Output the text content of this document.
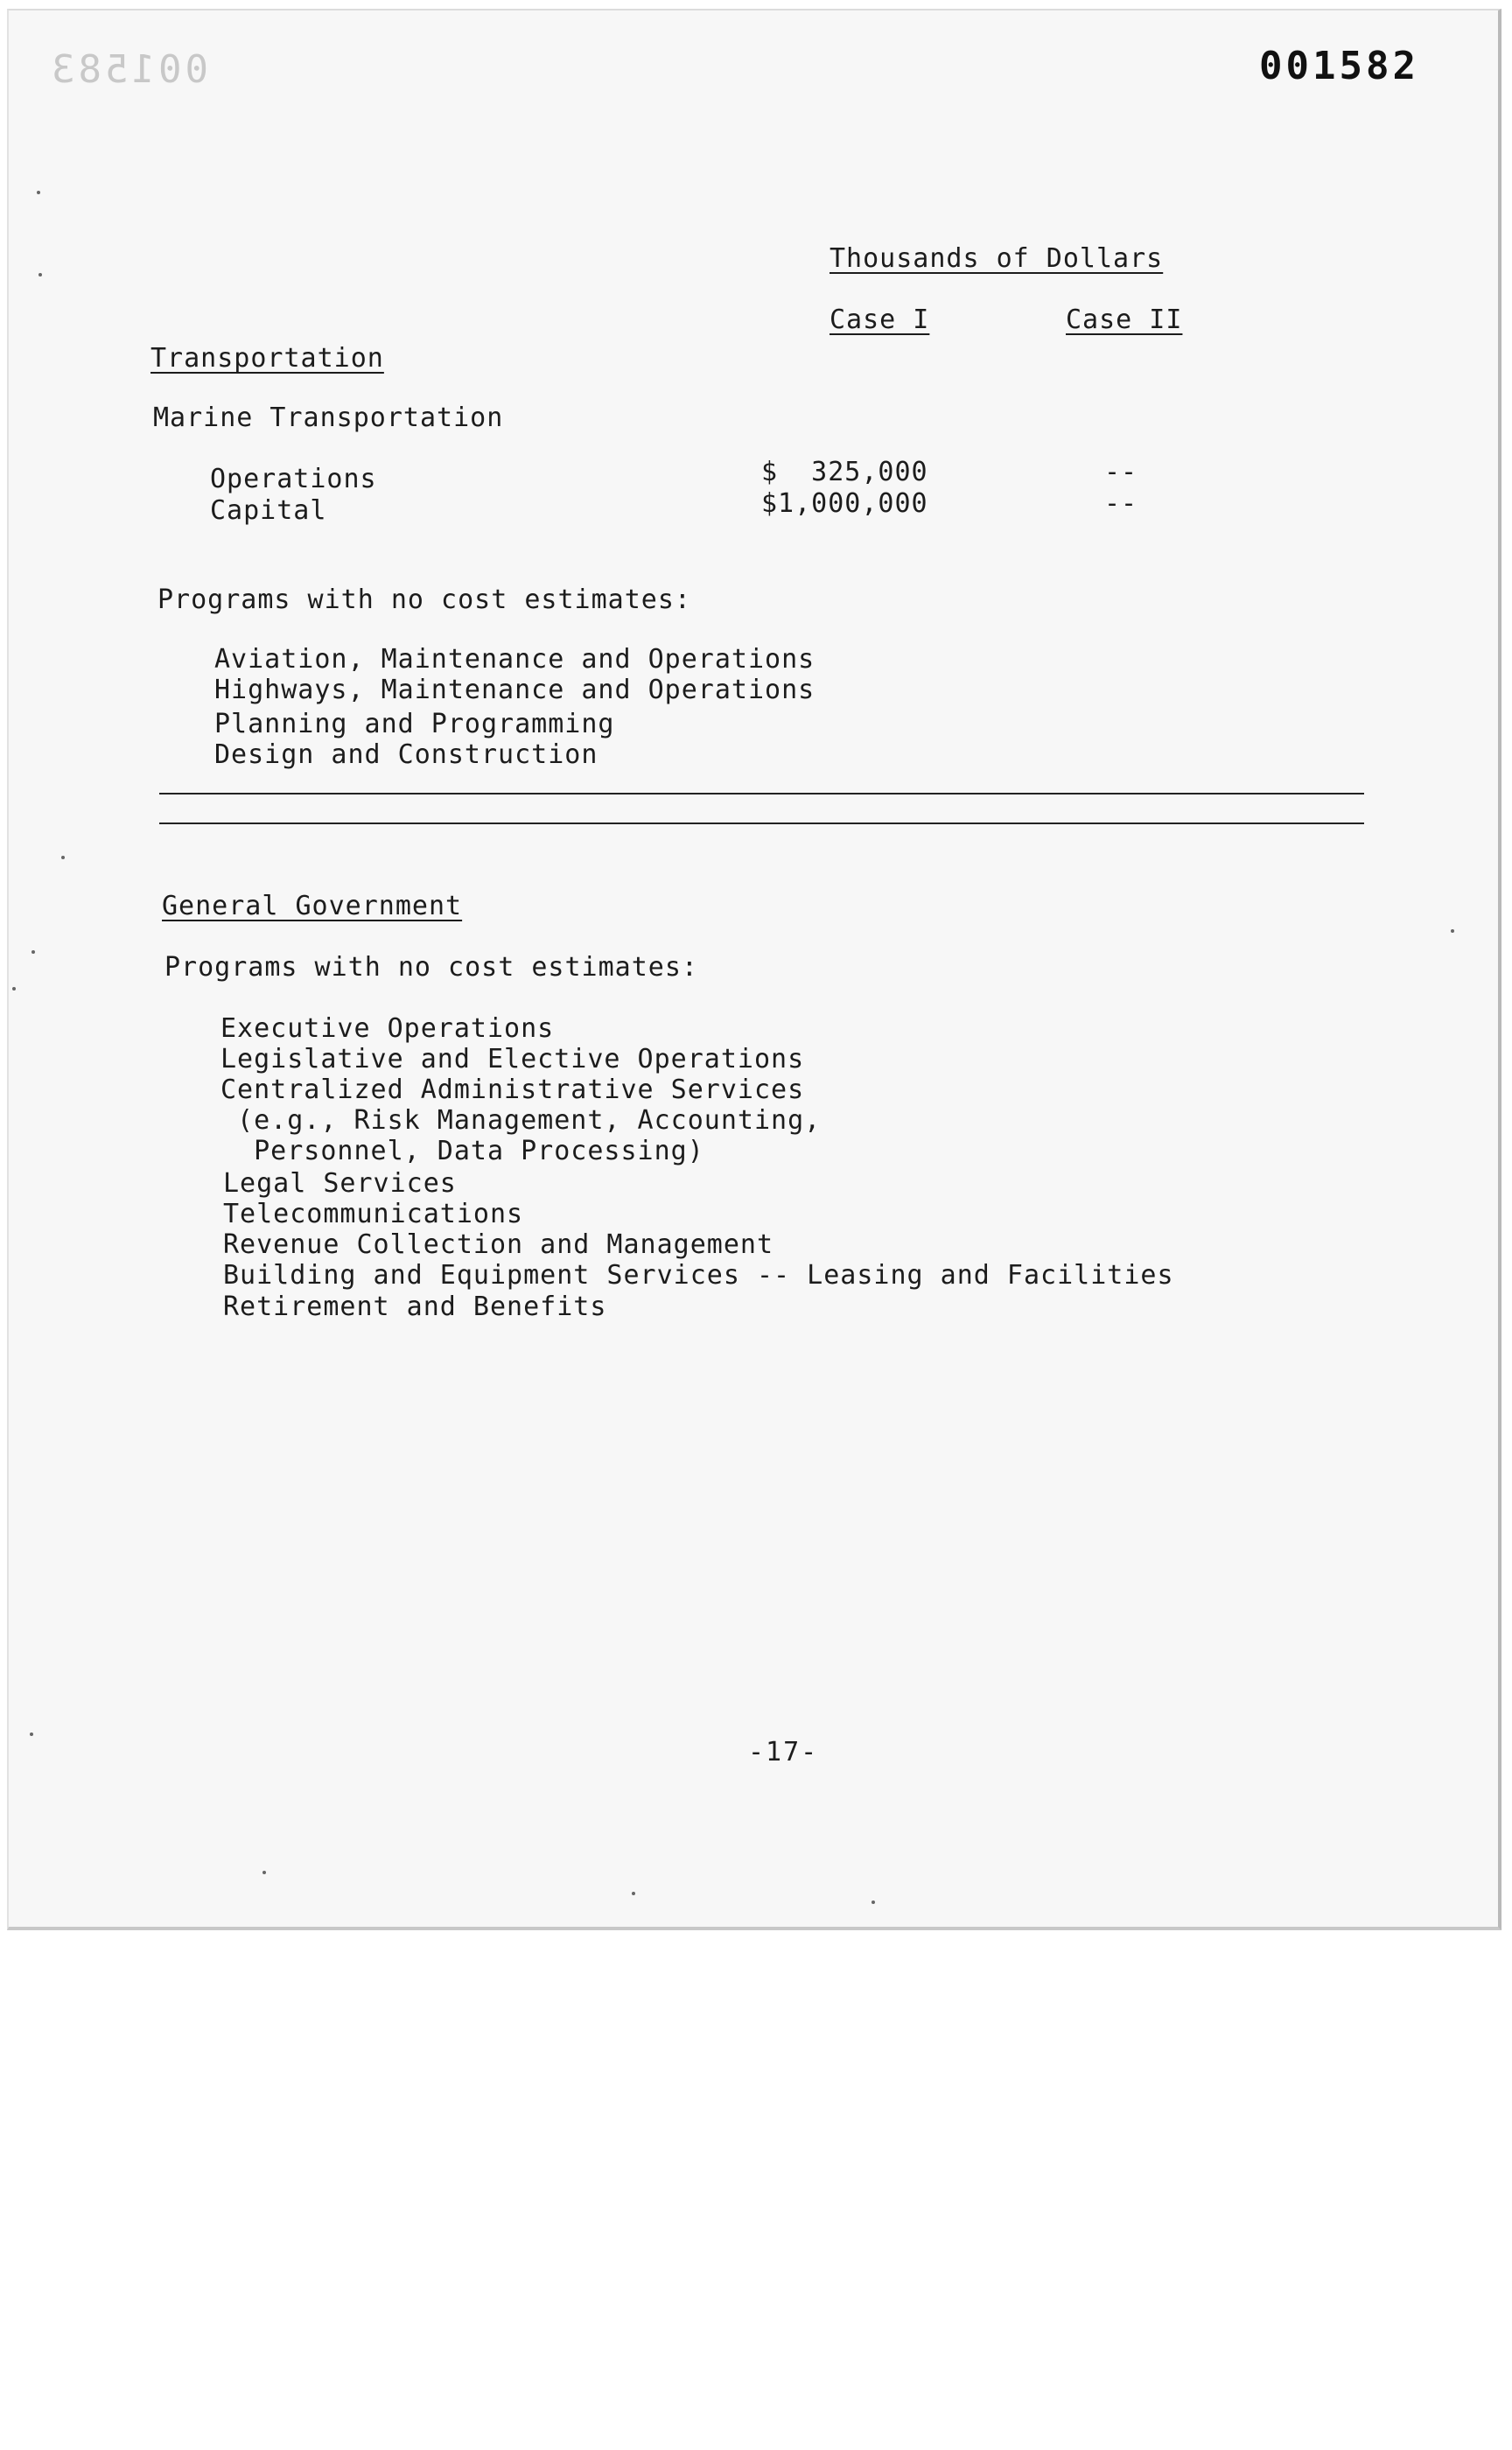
001583	001582
Thousands of Dollars
Case I	Case II
Transportation
Marine Transportation
Operations	$  325,000	--
Capital	$1,000,000	--
Programs with no cost estimates:
Aviation, Maintenance and Operations
Highways, Maintenance and Operations
Planning and Programming
Design and Construction
General Government
Programs with no cost estimates:
Executive Operations
Legislative and Elective Operations
Centralized Administrative Services
(e.g., Risk Management, Accounting,
Personnel, Data Processing)
Legal Services
Telecommunications
Revenue Collection and Management
Building and Equipment Services -- Leasing and Facilities
Retirement and Benefits
-17-
